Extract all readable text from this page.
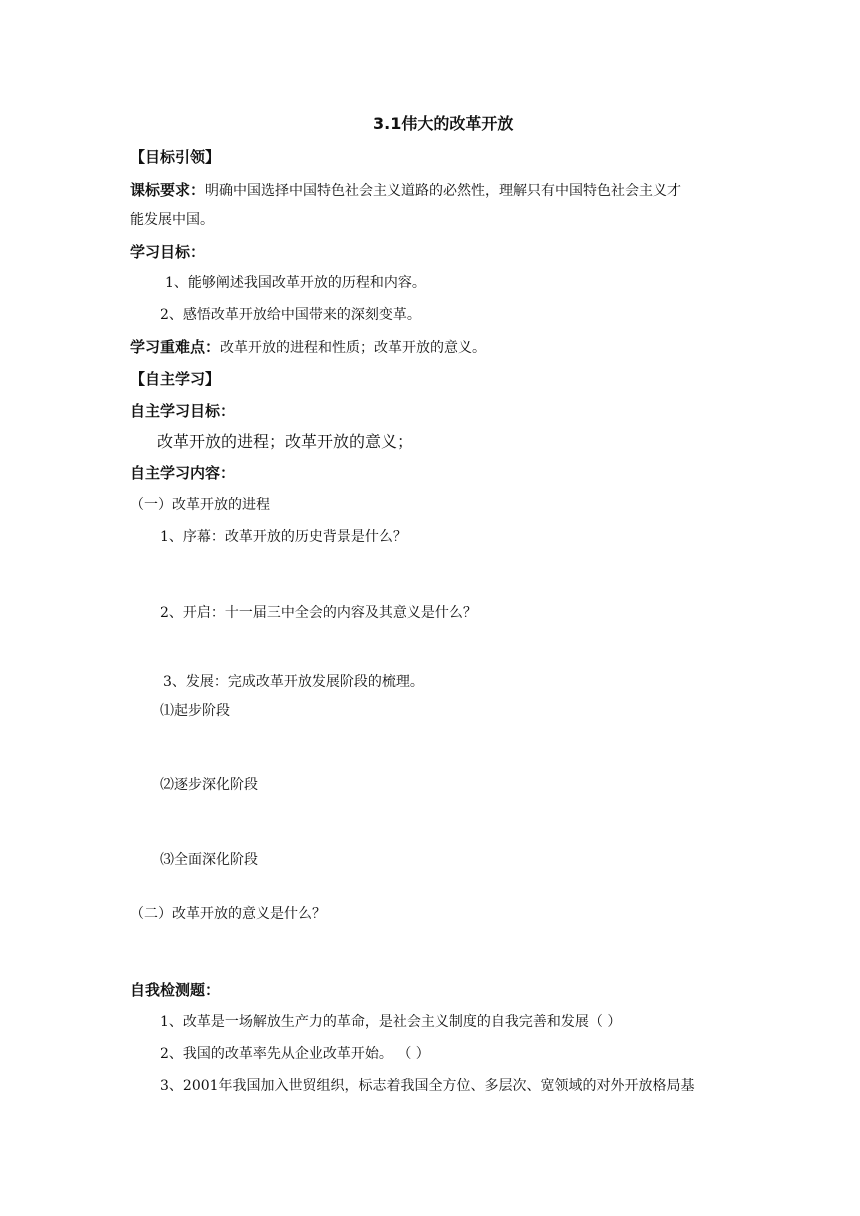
3.1伟大的改革开放
【目标引领】
课标要求：明确中国选择中国特色社会主义道路的必然性，理解只有中国特色社会主义才
能发展中国。
学习目标：
1、能够阐述我国改革开放的历程和内容。
2、感悟改革开放给中国带来的深刻变革。
学习重难点：改革开放的进程和性质；改革开放的意义。
【自主学习】
自主学习目标：
改革开放的进程；改革开放的意义；
自主学习内容：
（一）改革开放的进程
1、序幕：改革开放的历史背景是什么？
2、开启：十一届三中全会的内容及其意义是什么？
3、发展：完成改革开放发展阶段的梳理。
⑴起步阶段
⑵逐步深化阶段
⑶全面深化阶段
（二）改革开放的意义是什么？
自我检测题：
1、改革是一场解放生产力的革命，是社会主义制度的自我完善和发展（ ）
2、我国的改革率先从企业改革开始。 （ ）
3、2001年我国加入世贸组织，标志着我国全方位、多层次、宽领域的对外开放格局基
